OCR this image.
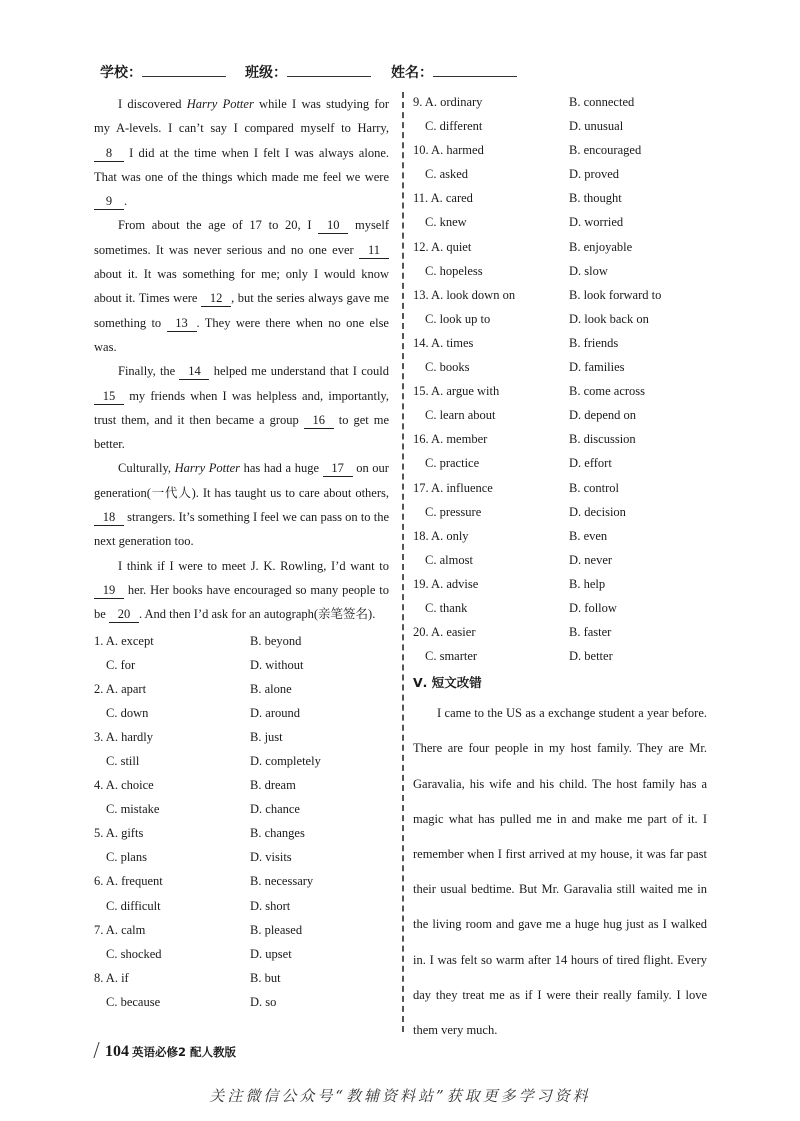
学校：	班级：	姓名：

I discovered Harry Potter while I was studying for my A-levels. I can’t say I compared myself to Harry, 8 I did at the time when I felt I was always alone. That was one of the things which made me feel we were 9 .

From about the age of 17 to 20, I 10 myself sometimes. It was never serious and no one ever 11 about it. It was something for me; only I would know about it. Times were 12 , but the series always gave me something to 13 . They were there when no one else was.

Finally, the 14 helped me understand that I could 15 my friends when I was helpless and, importantly, trust them, and it then became a group 16 to get me better.

Culturally, Harry Potter has had a huge 17 on our generation(一代人). It has taught us to care about others, 18 strangers. It’s something I feel we can pass on to the next generation too.

I think if I were to meet J. K. Rowling, I’d want to 19 her. Her books have encouraged so many people to be 20 . And then I’d ask for an autograph(亲笔签名).

1. A. except	B. beyond
C. for	D. without
2. A. apart	B. alone
C. down	D. around
3. A. hardly	B. just
C. still	D. completely
4. A. choice	B. dream
C. mistake	D. chance
5. A. gifts	B. changes
C. plans	D. visits
6. A. frequent	B. necessary
C. difficult	D. short
7. A. calm	B. pleased
C. shocked	D. upset
8. A. if	B. but
C. because	D. so
9. A. ordinary	B. connected
C. different	D. unusual
10. A. harmed	B. encouraged
C. asked	D. proved
11. A. cared	B. thought
C. knew	D. worried
12. A. quiet	B. enjoyable
C. hopeless	D. slow
13. A. look down on	B. look forward to
C. look up to	D. look back on
14. A. times	B. friends
C. books	D. families
15. A. argue with	B. come across
C. learn about	D. depend on
16. A. member	B. discussion
C. practice	D. effort
17. A. influence	B. control
C. pressure	D. decision
18. A. only	B. even
C. almost	D. never
19. A. advise	B. help
C. thank	D. follow
20. A. easier	B. faster
C. smarter	D. better
Ⅴ. 短文改错

I came to the US as a exchange student a year before. There are four people in my host family. They are Mr. Garavalia, his wife and his child. The host family has a magic what has pulled me in and make me part of it. I remember when I first arrived at my house, it was far past their usual bedtime. But Mr. Garavalia still waited me in the living room and gave me a huge hug just as I walked in. I was felt so warm after 14 hours of tired flight. Every day they treat me as if I were their really family. I love them very much.

104 英语必修2 配人教版
关注微信公众号“教辅资料站”获取更多学习资料
